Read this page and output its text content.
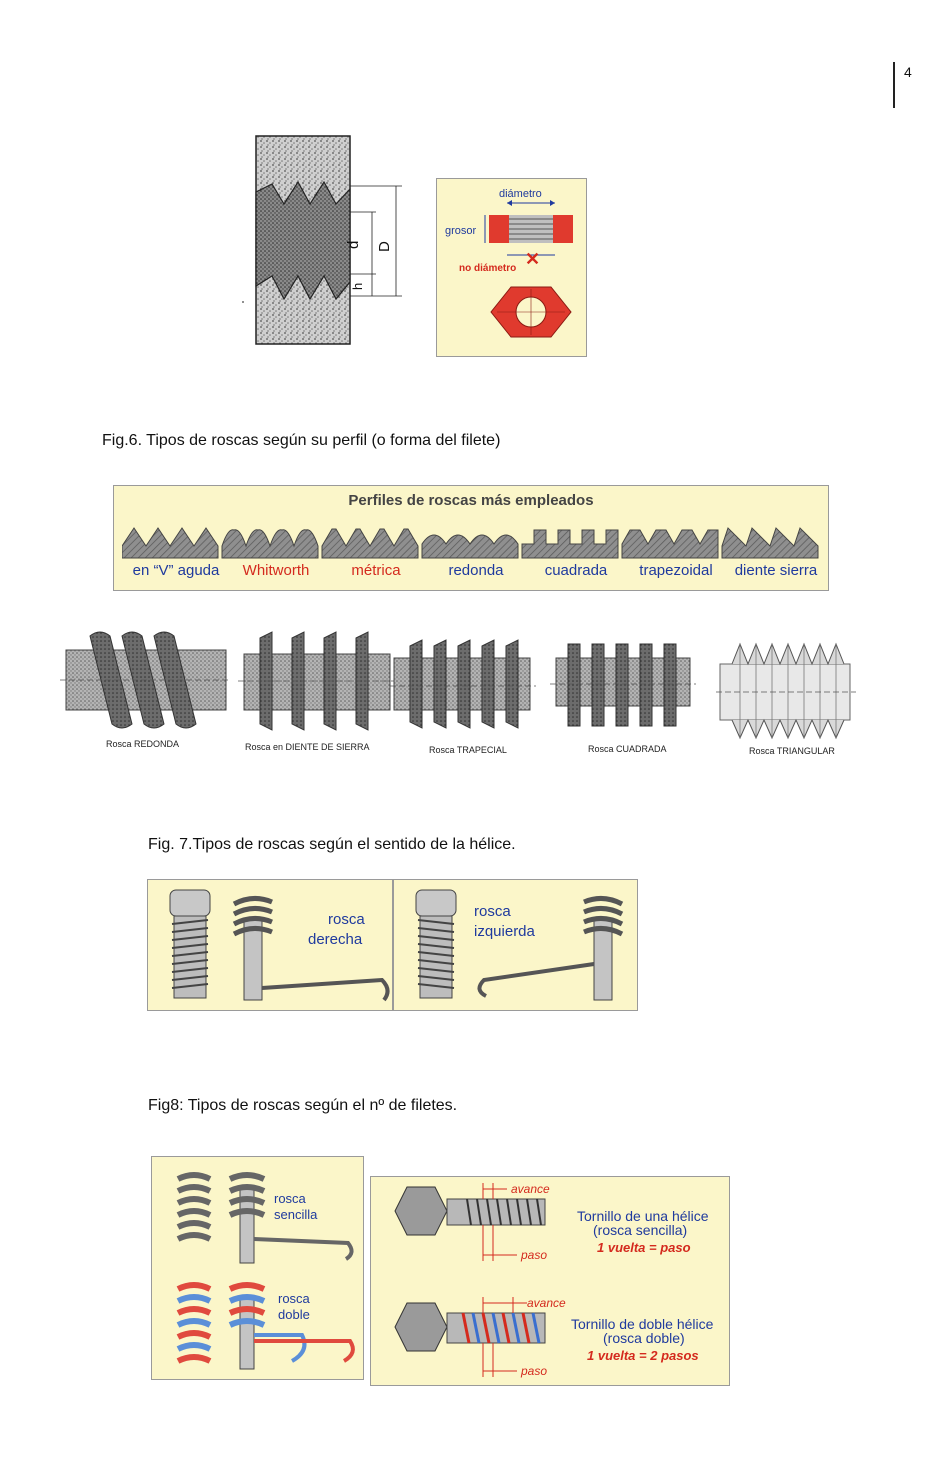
4
d D
h
diámetro
grosor
✕
no diámetro
Fig.6. Tipos de roscas según su perfil (o forma del filete)
Perfiles de roscas más empleados
en “V” aguda	Whitworth	métrica	redonda	cuadrada	trapezoidal	diente sierra
Rosca REDONDA	Rosca en DIENTE DE SIERRA	Rosca TRAPECIAL	Rosca CUADRADA	Rosca TRIANGULAR
Fig. 7.Tipos de roscas según el sentido de la hélice.
rosca
derecha
rosca
izquierda
Fig8: Tipos de roscas según el nº de filetes.
rosca
sencilla
rosca
doble
avance
paso
Tornillo de una hélice
(rosca sencilla)
1 vuelta = paso
avance
paso
Tornillo de doble hélice
(rosca doble)
1 vuelta = 2 pasos
